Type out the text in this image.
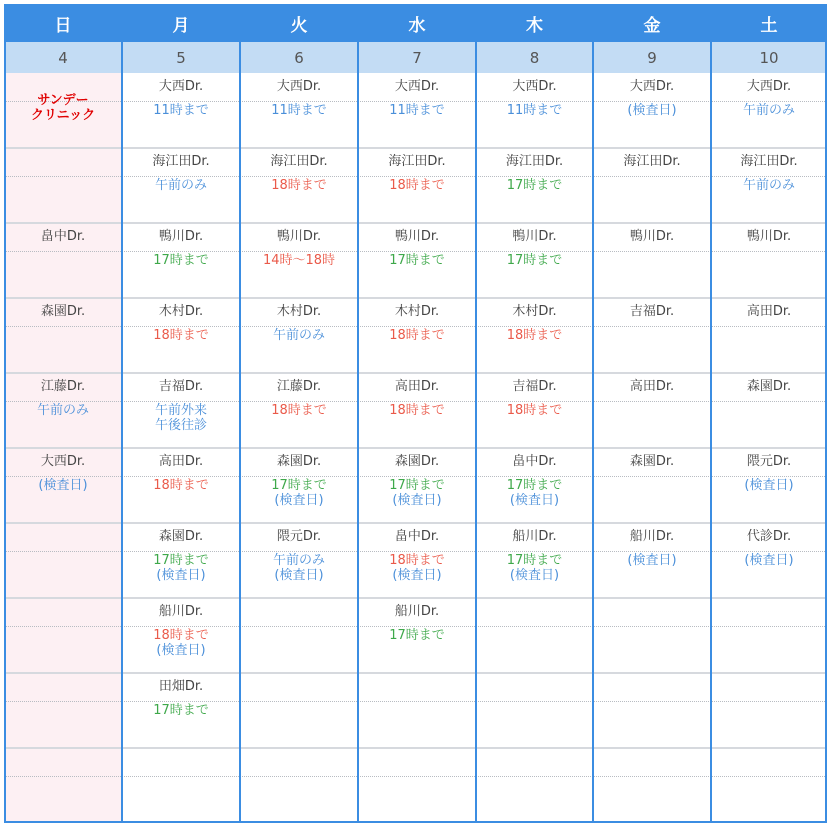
日
4
月
5
火
6
水
7
木
8
金
9
土
10
サンデー
クリニック
畠中Dr.
森園Dr.
江藤Dr.
午前のみ
大西Dr.
(検査日)
大西Dr.
11時まで
海江田Dr.
午前のみ
鴨川Dr.
17時まで
木村Dr.
18時まで
吉福Dr.
午前外来
午後往診
高田Dr.
18時まで
森園Dr.
17時まで
(検査日)
船川Dr.
18時まで
(検査日)
田畑Dr.
17時まで
大西Dr.
11時まで
海江田Dr.
18時まで
鴨川Dr.
14時〜18時
木村Dr.
午前のみ
江藤Dr.
18時まで
森園Dr.
17時まで
(検査日)
隈元Dr.
午前のみ
(検査日)
大西Dr.
11時まで
海江田Dr.
18時まで
鴨川Dr.
17時まで
木村Dr.
18時まで
高田Dr.
18時まで
森園Dr.
17時まで
(検査日)
畠中Dr.
18時まで
(検査日)
船川Dr.
17時まで
大西Dr.
11時まで
海江田Dr.
17時まで
鴨川Dr.
17時まで
木村Dr.
18時まで
吉福Dr.
18時まで
畠中Dr.
17時まで
(検査日)
船川Dr.
17時まで
(検査日)
大西Dr.
(検査日)
海江田Dr.
鴨川Dr.
吉福Dr.
高田Dr.
森園Dr.
船川Dr.
(検査日)
大西Dr.
午前のみ
海江田Dr.
午前のみ
鴨川Dr.
高田Dr.
森園Dr.
隈元Dr.
(検査日)
代診Dr.
(検査日)
